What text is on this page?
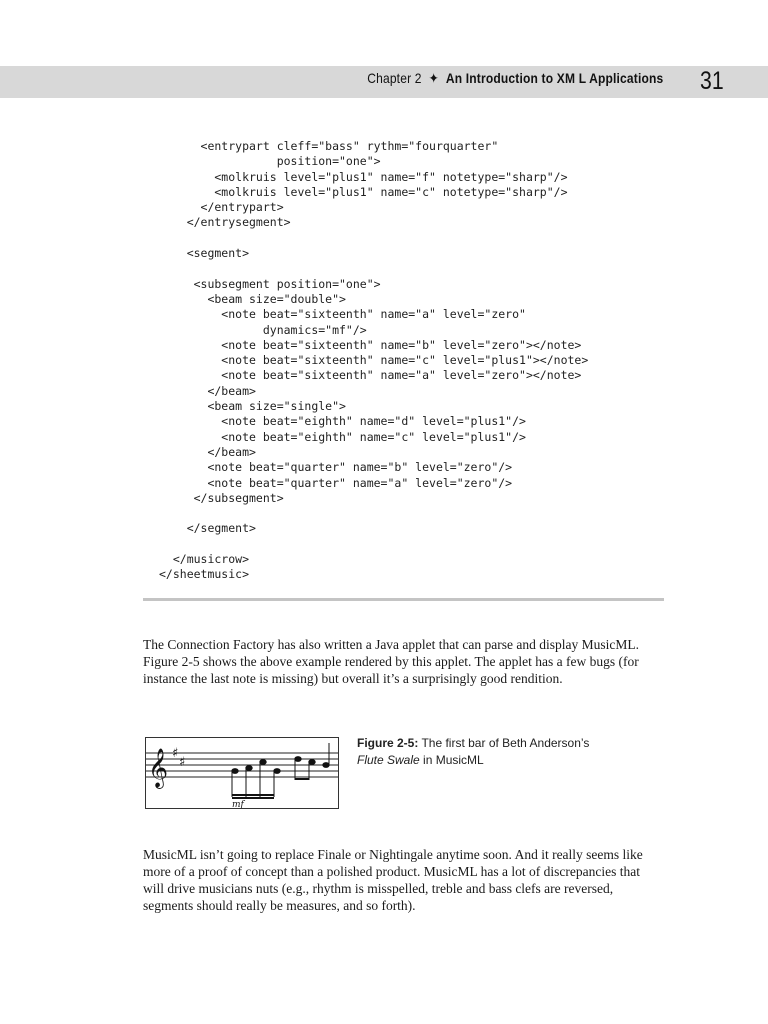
Chapter 2 ✦ An Introduction to XM L Applications 31
<entrypart cleff="bass" rythm="fourquarter"
position="one">
<molkruis level="plus1" name="f" notetype="sharp"/>
<molkruis level="plus1" name="c" notetype="sharp"/>
</entrypart>
</entrysegment>
<segment>
<subsegment position="one">
<beam size="double">
<note beat="sixteenth" name="a" level="zero"
dynamics="mf"/>
<note beat="sixteenth" name="b" level="zero"></note>
<note beat="sixteenth" name="c" level="plus1"></note>
<note beat="sixteenth" name="a" level="zero"></note>
</beam>
<beam size="single">
<note beat="eighth" name="d" level="plus1"/>
<note beat="eighth" name="c" level="plus1"/>
</beam>
<note beat="quarter" name="b" level="zero"/>
<note beat="quarter" name="a" level="zero"/>
</subsegment>
</segment>
</musicrow>
</sheetmusic>

The Connection Factory has also written a Java applet that can parse and display MusicML. Figure 2-5 shows the above example rendered by this applet. The applet has a few bugs (for instance the last note is missing) but overall it’s a surprisingly good rendition.

𝄞 ♯
♯
mf
Figure 2-5: The first bar of Beth Anderson’s Flute Swale in MusicML

MusicML isn’t going to replace Finale or Nightingale anytime soon. And it really seems like more of a proof of concept than a polished product. MusicML has a lot of discrepancies that will drive musicians nuts (e.g., rhythm is misspelled, treble and bass clefs are reversed, segments should really be measures, and so forth).
